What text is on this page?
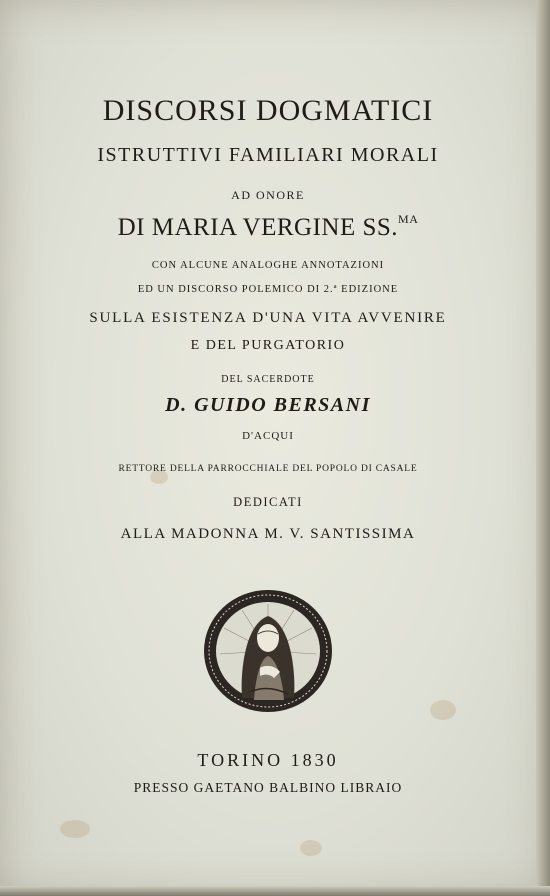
DISCORSI DOGMATICI
ISTRUTTIVI FAMILIARI MORALI
AD ONORE
DI MARIA VERGINE SS.$^{MA}$
CON ALCUNE ANALOGHE ANNOTAZIONI
ED UN DISCORSO POLEMICO DI 2.ª EDIZIONE
SULLA ESISTENZA D'UNA VITA AVVENIRE
E DEL PURGATORIO
DEL SACERDOTE
D. GUIDO BERSANI
D'ACQUI
RETTORE DELLA PARROCCHIALE DEL POPOLO DI CASALE
DEDICATI
ALLA MADONNA M. V. SANTISSIMA
TORINO 1830
PRESSO GAETANO BALBINO LIBRAIO
